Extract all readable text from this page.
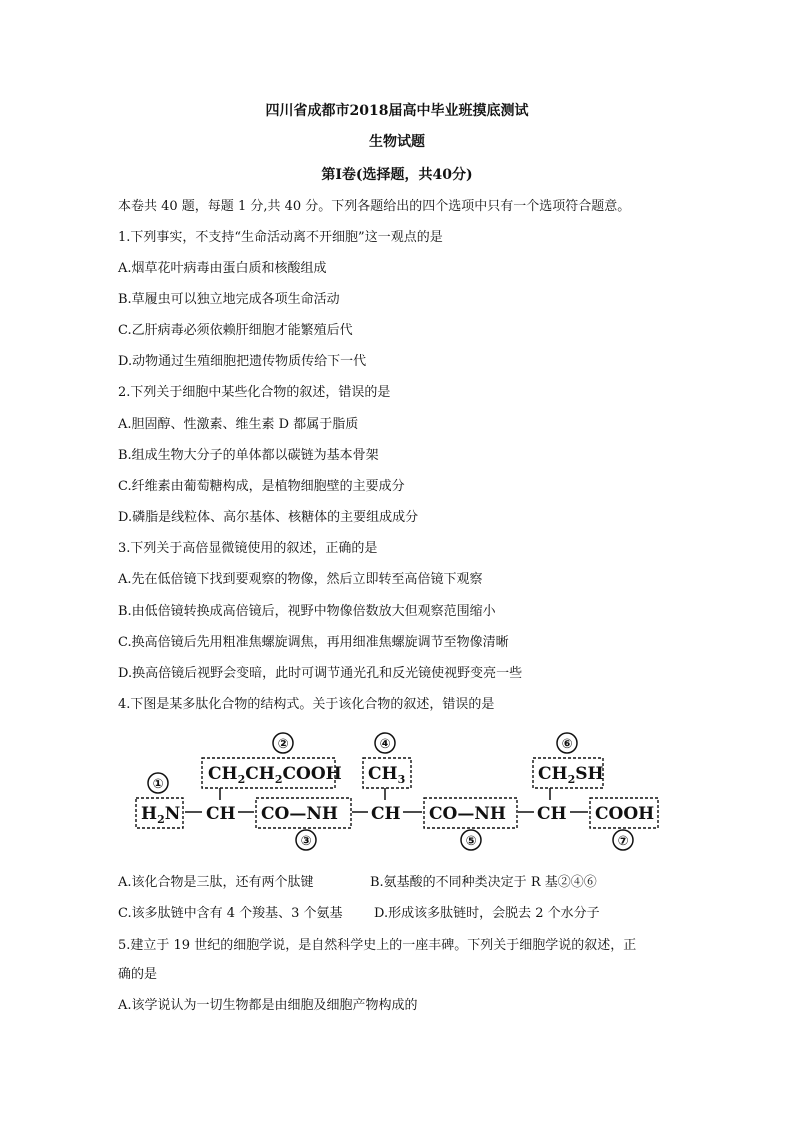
四川省成都市2018届高中毕业班摸底测试
生物试题
第Ⅰ卷(选择题，共40分)
本卷共 40 题，每题 1 分,共 40 分。下列各题给出的四个选项中只有一个选项符合题意。
1.下列事实，不支持“生命活动离不开细胞”这一观点的是
A.烟草花叶病毒由蛋白质和核酸组成
B.草履虫可以独立地完成各项生命活动
C.乙肝病毒必须依赖肝细胞才能繁殖后代
D.动物通过生殖细胞把遗传物质传给下一代
2.下列关于细胞中某些化合物的叙述，错误的是
A.胆固醇、性激素、维生素 D 都属于脂质
B.组成生物大分子的单体都以碳链为基本骨架
C.纤维素由葡萄糖构成，是植物细胞壁的主要成分
D.磷脂是线粒体、高尔基体、核糖体的主要组成成分
3.下列关于高倍显微镜使用的叙述，正确的是
A.先在低倍镜下找到要观察的物像，然后立即转至高倍镜下观察
B.由低倍镜转换成高倍镜后，视野中物像倍数放大但观察范围缩小
C.换高倍镜后先用粗准焦螺旋调焦，再用细准焦螺旋调节至物像清晰
D.换高倍镜后视野会变暗，此时可调节通光孔和反光镜使视野变亮一些
4.下图是某多肽化合物的结构式。关于该化合物的叙述，错误的是
①
②
③
④
⑤
⑥
⑦
$CH_2CH_2COOH$ $CH_3$	$CH_2SH$
$H_2N$ CH CO—NH CH CO—NH CH COOH
A.该化合物是三肽，还有两个肽键	B.氨基酸的不同种类决定于 R 基②④⑥
C.该多肽链中含有 4 个羧基、3 个氨基 D.形成该多肽链时，会脱去 2 个水分子
5.建立于 19 世纪的细胞学说，是自然科学史上的一座丰碑。下列关于细胞学说的叙述，正
确的是
A.该学说认为一切生物都是由细胞及细胞产物构成的
